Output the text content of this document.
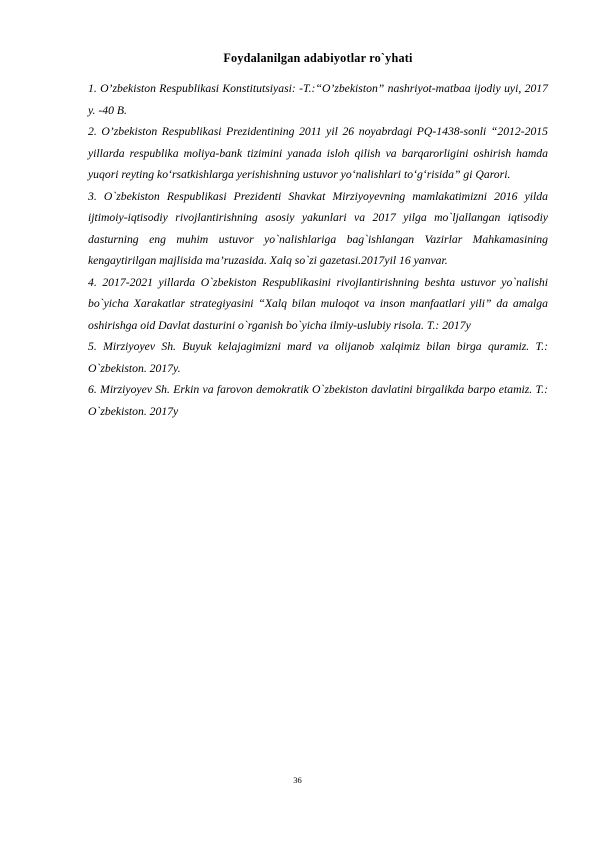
Foydalanilgan adabiyotlar ro`yhati

1. O’zbekiston Respublikasi Konstitutsiyasi: -T.:“O’zbekiston” nashriyot-matbaa ijodiy uyi, 2017 y. -40 B.

2. O’zbekiston Respublikasi Prezidentining 2011 yil 26 noyabrdagi PQ-1438-sonli “2012-2015 yillarda respublika moliya-bank tizimini yanada isloh qilish va barqarorligini oshirish hamda yuqori reyting ko‘rsatkishlarga yerishishning ustuvor yo‘nalishlari to‘g‘risida” gi Qarori.

3. O`zbekiston Respublikasi Prezidenti Shavkat Mirziyoyevning mamlakatimizni 2016 yilda ijtimoiy-iqtisodiy rivojlantirishning asosiy yakunlari va 2017 yilga mo`ljallangan iqtisodiy dasturning eng muhim ustuvor yo`nalishlariga bag`ishlangan Vazirlar Mahkamasining kengaytirilgan majlisida ma’ruzasida. Xalq so`zi gazetasi.2017yil 16 yanvar.

4. 2017-2021 yillarda O`zbekiston Respublikasini rivojlantirishning beshta ustuvor yo`nalishi bo`yicha Xarakatlar strategiyasini “Xalq bilan muloqot va inson manfaatlari yili” da amalga oshirishga oid Davlat dasturini o`rganish bo`yicha ilmiy-uslubiy risola. T.: 2017y

5. Mirziyoyev Sh. Buyuk kelajagimizni mard va olijanob xalqimiz bilan birga quramiz. T.: O`zbekiston. 2017y.

6. Mirziyoyev Sh. Erkin va farovon demokratik O`zbekiston davlatini birgalikda barpo etamiz. T.: O`zbekiston. 2017y

36
